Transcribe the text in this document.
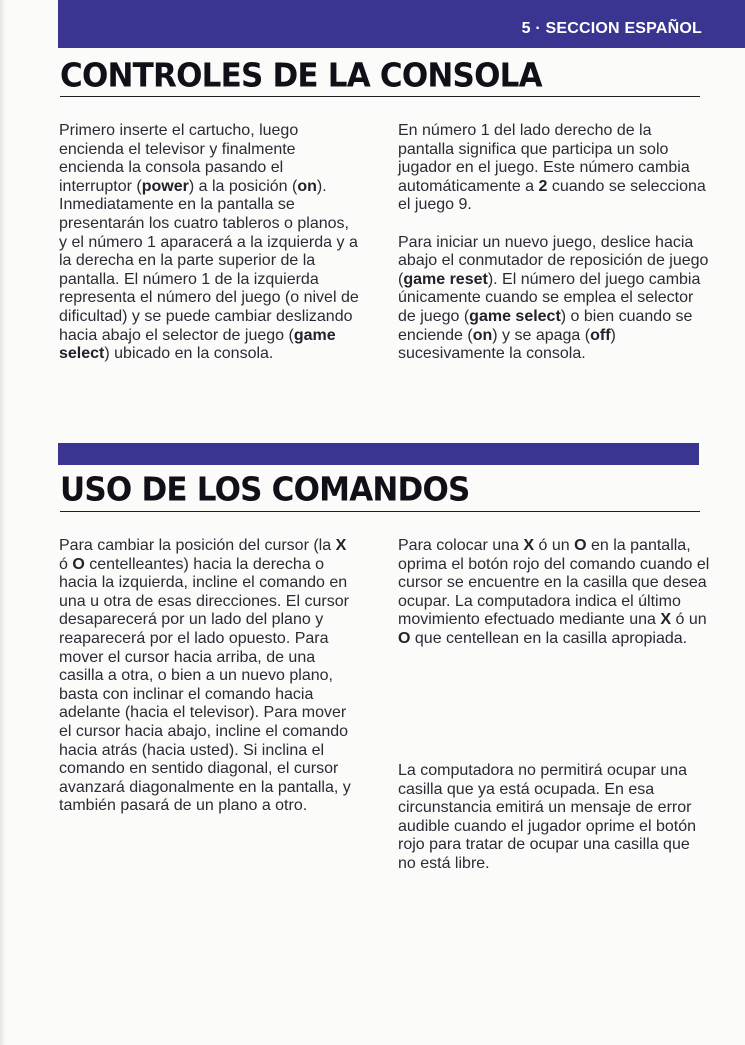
5 · SECCION ESPAÑOL
CONTROLES DE LA CONSOLA

Primero inserte el cartucho, luego encienda el televisor y finalmente encienda la consola pasando el interruptor (power) a la posición (on). Inmediatamente en la pantalla se presentarán los cuatro tableros o planos, y el número 1 aparacerá a la izquierda y a la derecha en la parte superior de la pantalla. El número 1 de la izquierda representa el número del juego (o nivel de dificultad) y se puede cambiar deslizando hacia abajo el selector de juego (game select) ubicado en la consola.

En número 1 del lado derecho de la pantalla significa que participa un solo jugador en el juego. Este número cambia automáticamente a 2 cuando se selecciona el juego 9.

Para iniciar un nuevo juego, deslice hacia abajo el conmutador de reposición de juego (game reset). El número del juego cambia únicamente cuando se emplea el selector de juego (game select) o bien cuando se enciende (on) y se apaga (off) sucesivamente la consola.

USO DE LOS COMANDOS

Para cambiar la posición del cursor (la X ó O centelleantes) hacia la derecha o hacia la izquierda, incline el comando en una u otra de esas direcciones. El cursor desaparecerá por un lado del plano y reaparecerá por el lado opuesto. Para mover el cursor hacia arriba, de una casilla a otra, o bien a un nuevo plano, basta con inclinar el comando hacia adelante (hacia el televisor). Para mover el cursor hacia abajo, incline el comando hacia atrás (hacia usted). Si inclina el comando en sentido diagonal, el cursor avanzará diagonalmente en la pantalla, y también pasará de un plano a otro.

Para colocar una X ó un O en la pantalla, oprima el botón rojo del comando cuando el cursor se encuentre en la casilla que desea ocupar. La computadora indica el último movimiento efectuado mediante una X ó un O que centellean en la casilla apropiada.

La computadora no permitirá ocupar una casilla que ya está ocupada. En esa circunstancia emitirá un mensaje de error audible cuando el jugador oprime el botón rojo para tratar de ocupar una casilla que no está libre.
